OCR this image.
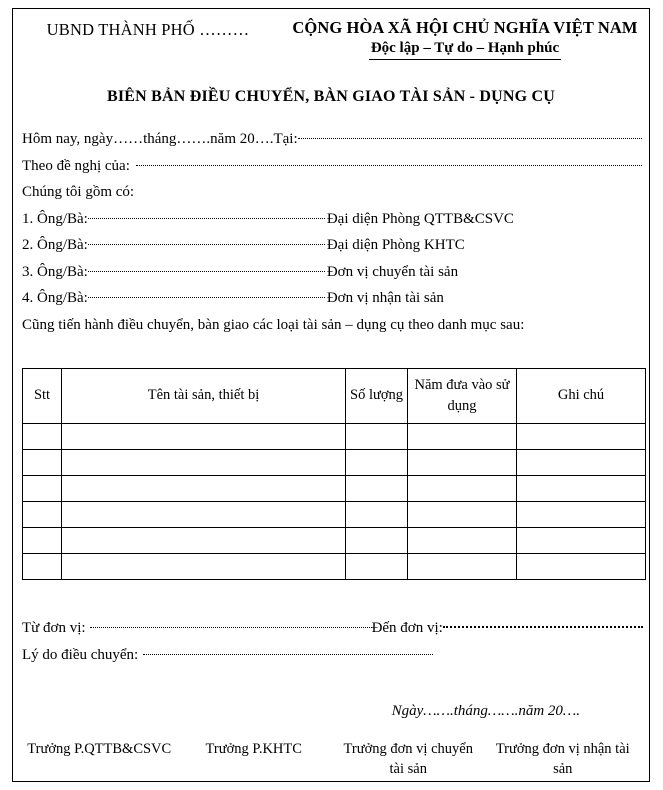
UBND THÀNH PHỐ ………	CỘNG HÒA XÃ HỘI CHỦ NGHĨA VIỆT NAM
Độc lập – Tự do – Hạnh phúc
BIÊN BẢN ĐIỀU CHUYỂN, BÀN GIAO TÀI SẢN - DỤNG CỤ
Hôm nay, ngày……tháng…….năm 20….Tại:
Theo đề nghị của:
Chúng tôi gồm có:
1. Ông/Bà:	Đại diện Phòng QTTB&CSVC
2. Ông/Bà:	Đại diện Phòng KHTC
3. Ông/Bà:	Đơn vị chuyển tài sản
4. Ông/Bà:	Đơn vị nhận tài sản
Cũng tiến hành điều chuyển, bàn giao các loại tài sản – dụng cụ theo danh mục sau:
Stt	Tên tài sản, thiết bị	Số lượng	Năm đưa vào sử dụng	Ghi chú

Từ đơn vị:	Đến đơn vị:
Lý do điều chuyển:
Ngày…….tháng…….năm 20….
Trưởng P.QTTB&CSVC	Trưởng P.KHTC	Trưởng đơn vị chuyển tài sản
Trưởng đơn vị nhận tài sản
